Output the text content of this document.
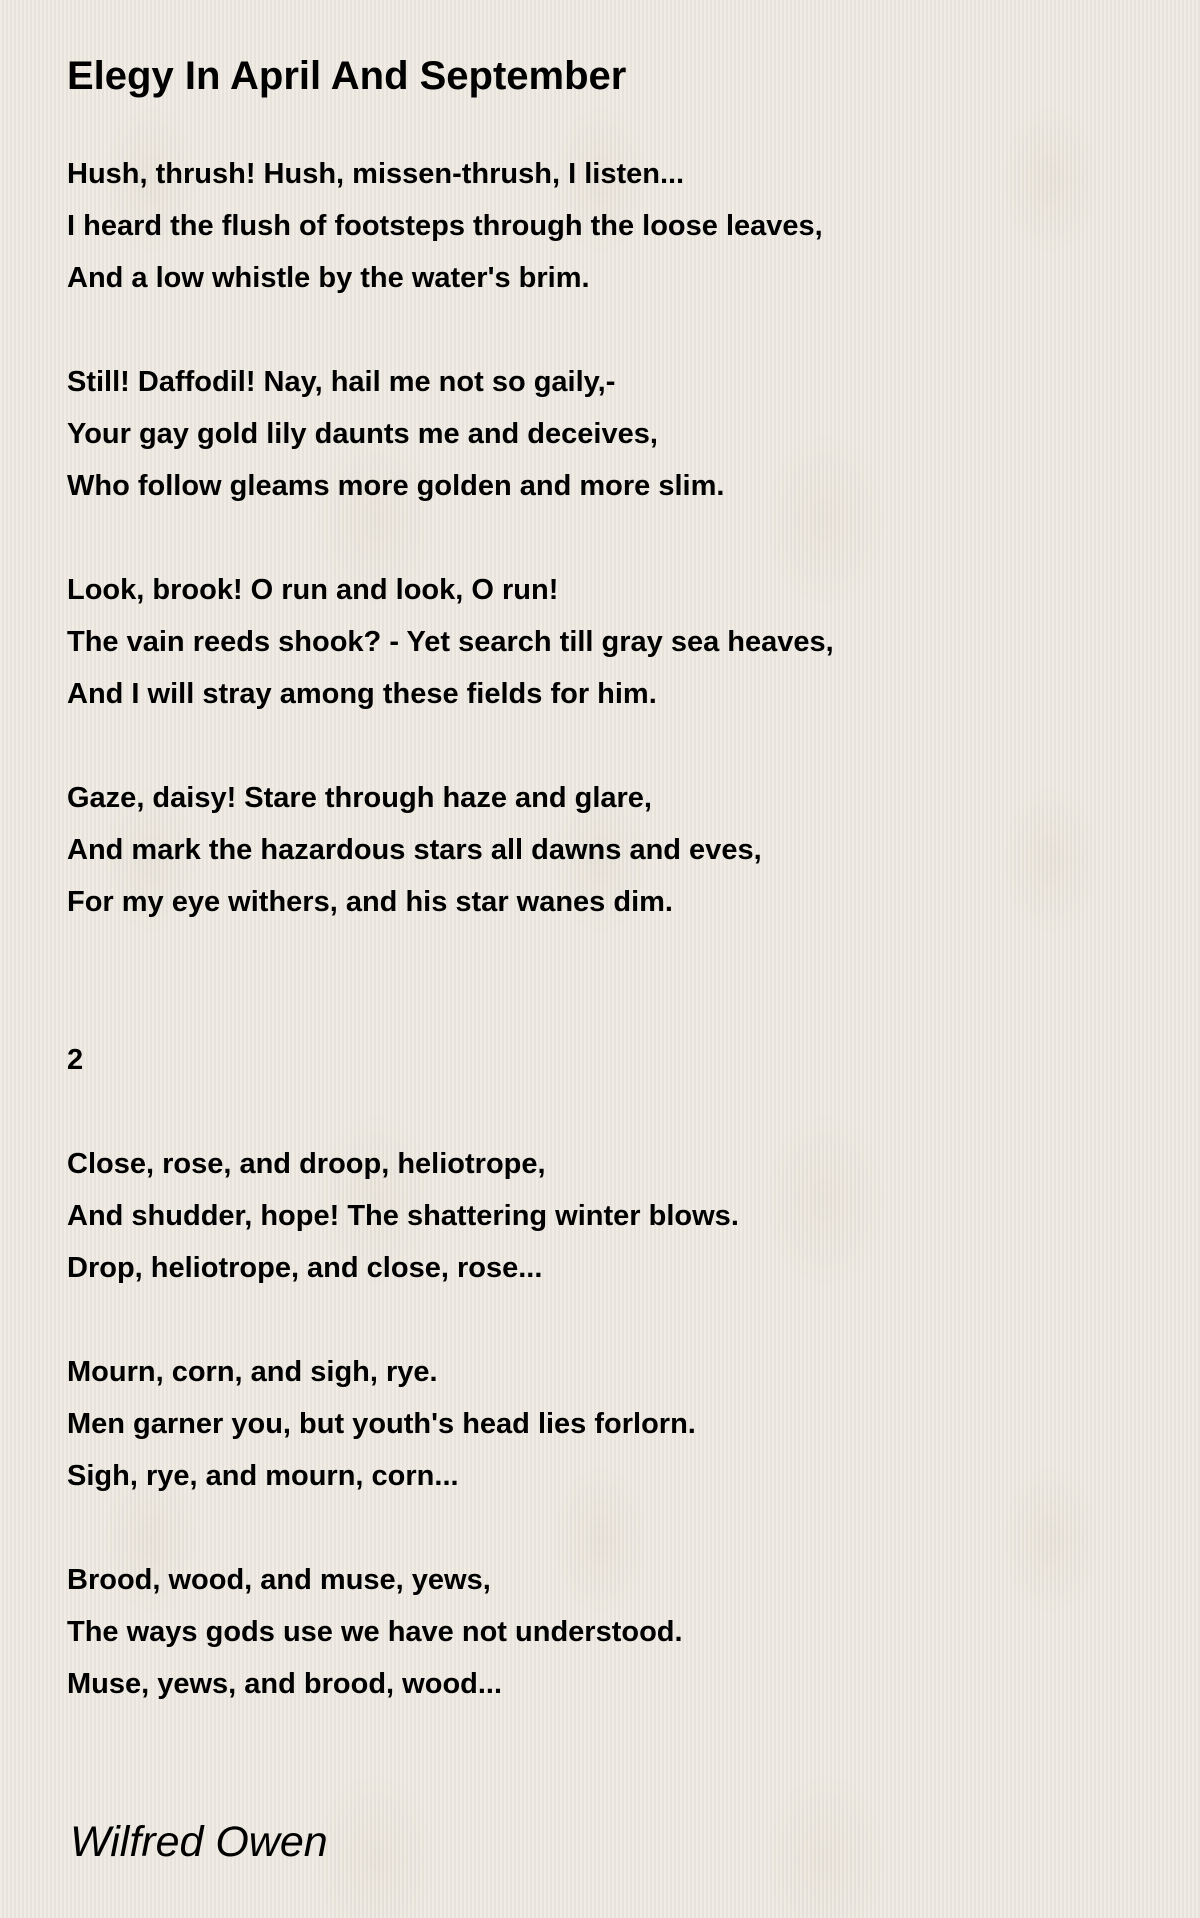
Elegy In April And September
Hush, thrush! Hush, missen-thrush, I listen...
I heard the flush of footsteps through the loose leaves,
And a low whistle by the water's brim.
Still! Daffodil! Nay, hail me not so gaily,-
Your gay gold lily daunts me and deceives,
Who follow gleams more golden and more slim.
Look, brook! O run and look, O run!
The vain reeds shook? - Yet search till gray sea heaves,
And I will stray among these fields for him.
Gaze, daisy! Stare through haze and glare,
And mark the hazardous stars all dawns and eves,
For my eye withers, and his star wanes dim.
2
Close, rose, and droop, heliotrope,
And shudder, hope! The shattering winter blows.
Drop, heliotrope, and close, rose...
Mourn, corn, and sigh, rye.
Men garner you, but youth's head lies forlorn.
Sigh, rye, and mourn, corn...
Brood, wood, and muse, yews,
The ways gods use we have not understood.
Muse, yews, and brood, wood...
Wilfred Owen
